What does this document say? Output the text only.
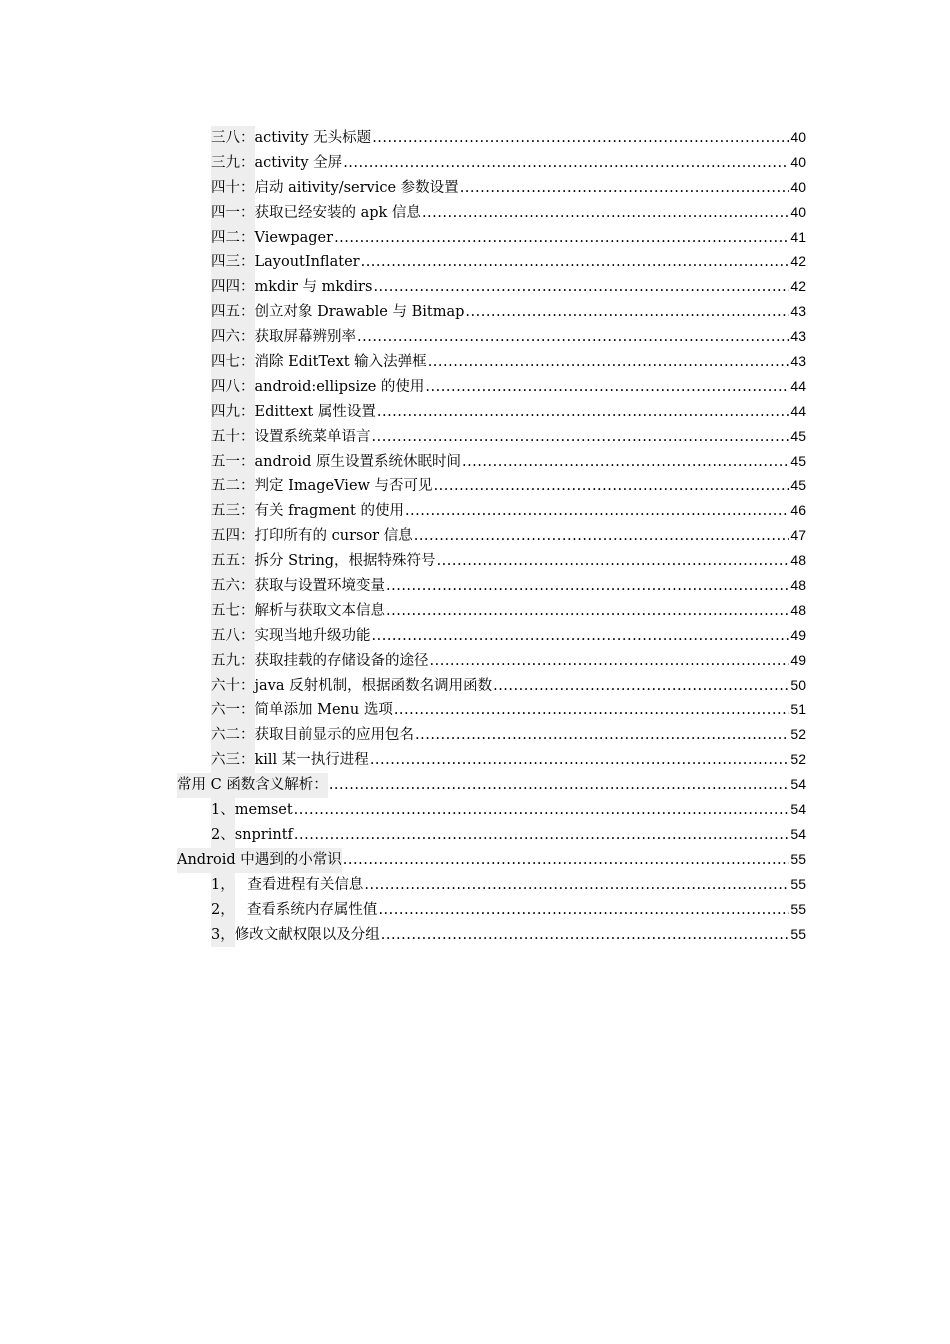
三八： activity 无头标题 .....	40
三九： activity 全屏 .....	40
四十： 启动 aitivity/service 参数设置 .....	40
四一： 获取已经安装的 apk 信息 .....	40
四二： Viewpager .....	41
四三： LayoutInflater .....	42
四四： mkdir 与 mkdirs .....	42
四五： 创立对象 Drawable 与 Bitmap .....	43
四六： 获取屏幕辨别率 .....	43
四七： 消除 EditText 输入法弹框 .....	43
四八： android:ellipsize 的使用 .....	44
四九： Edittext 属性设置 .....	44
五十： 设置系统菜单语言 .....	45
五一： android 原生设置系统休眠时间 .....	45
五二： 判定 ImageView 与否可见 .....	45
五三： 有关 fragment 的使用 .....	46
五四： 打印所有的 cursor 信息 .....	47
五五： 拆分 String，根据特殊符号 .....	48
五六： 获取与设置环境变量 .....	48
五七： 解析与获取文本信息 .....	48
五八： 实现当地升级功能 .....	49
五九： 获取挂载的存储设备的途径 .....	49
六十： java 反射机制，根据函数名调用函数 .....	50
六一： 简单添加 Menu 选项 .....	51
六二： 获取目前显示的应用包名 .....	52
六三： kill 某一执行进程 .....	52
常用 C 函数含义解析： .....	54
1、 memset .....	54
2、 snprintf .....	54
Android 中遇到的小常识 .....	55
1， 查看进程有关信息 .....	55
2， 查看系统内存属性值 .....	55
3， 修改文献权限以及分组 .....	55
